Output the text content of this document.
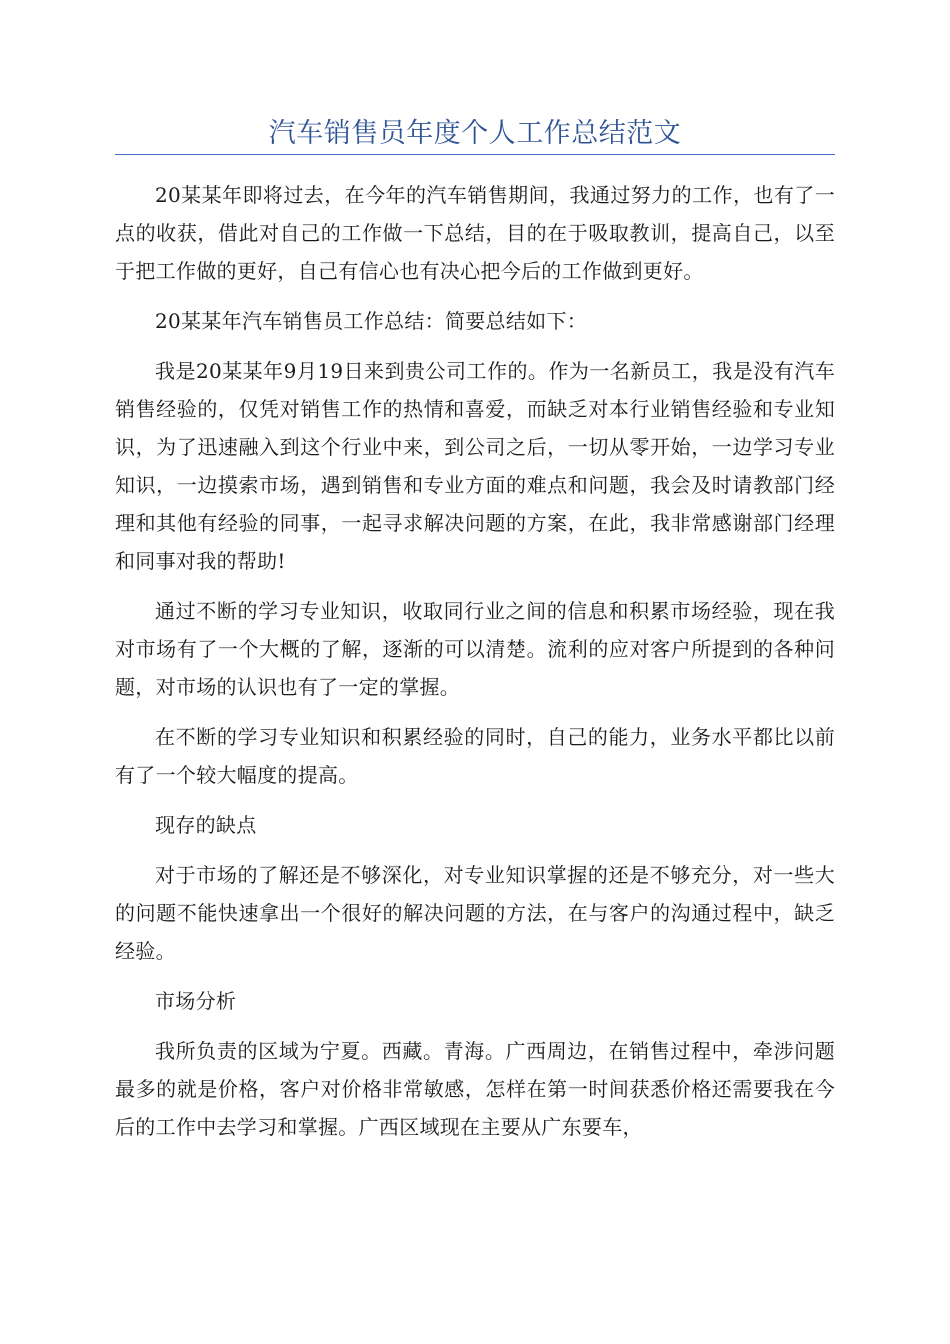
汽车销售员年度个人工作总结范文

20某某年即将过去，在今年的汽车销售期间，我通过努力的工作，也有了一点的收获，借此对自己的工作做一下总结，目的在于吸取教训，提高自己，以至于把工作做的更好，自己有信心也有决心把今后的工作做到更好。

20某某年汽车销售员工作总结：简要总结如下：

我是20某某年9月19日来到贵公司工作的。作为一名新员工，我是没有汽车销售经验的，仅凭对销售工作的热情和喜爱，而缺乏对本行业销售经验和专业知识，为了迅速融入到这个行业中来，到公司之后，一切从零开始，一边学习专业知识，一边摸索市场，遇到销售和专业方面的难点和问题，我会及时请教部门经理和其他有经验的同事，一起寻求解决问题的方案，在此，我非常感谢部门经理和同事对我的帮助!

通过不断的学习专业知识，收取同行业之间的信息和积累市场经验，现在我对市场有了一个大概的了解，逐渐的可以清楚。流利的应对客户所提到的各种问题，对市场的认识也有了一定的掌握。

在不断的学习专业知识和积累经验的同时，自己的能力，业务水平都比以前有了一个较大幅度的提高。

现存的缺点

对于市场的了解还是不够深化，对专业知识掌握的还是不够充分，对一些大的问题不能快速拿出一个很好的解决问题的方法，在与客户的沟通过程中，缺乏经验。

市场分析

我所负责的区域为宁夏。西藏。青海。广西周边，在销售过程中，牵涉问题最多的就是价格，客户对价格非常敏感，怎样在第一时间获悉价格还需要我在今后的工作中去学习和掌握。广西区域现在主要从广东要车，
